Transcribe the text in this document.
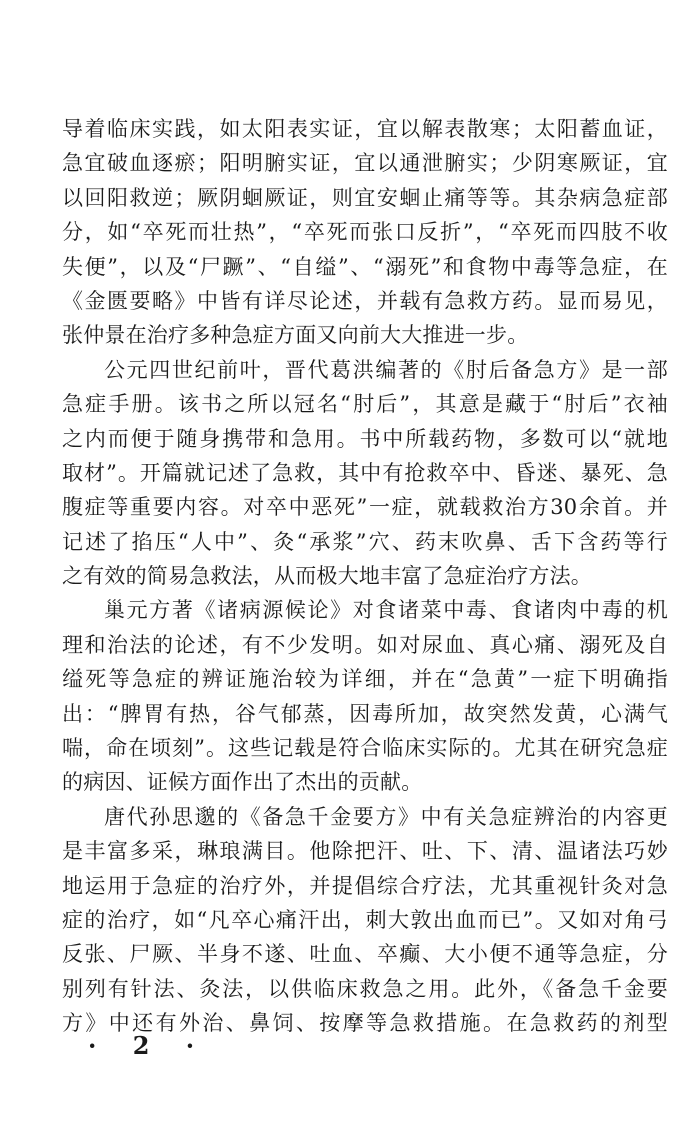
导着临床实践，如太阳表实证，宜以解表散寒；太阳蓄血证，
急宜破血逐瘀；阳明腑实证，宜以通泄腑实；少阴寒厥证，宜
以回阳救逆；厥阴蛔厥证，则宜安蛔止痛等等。其杂病急症部
分，如“卒死而壮热”，“卒死而张口反折”，“卒死而四肢不收
失便”，以及“尸蹶”、“自缢”、“溺死”和食物中毒等急症，在
《金匮要略》中皆有详尽论述，并载有急救方药。显而易见，
张仲景在治疗多种急症方面又向前大大推进一步。
公元四世纪前叶，晋代葛洪编著的《肘后备急方》是一部
急症手册。该书之所以冠名“肘后”，其意是藏于“肘后”衣袖
之内而便于随身携带和急用。书中所载药物，多数可以“就地
取材”。开篇就记述了急救，其中有抢救卒中、昏迷、暴死、急
腹症等重要内容。对卒中恶死”一症，就载救治方30余首。并
记述了掐压“人中”、灸“承浆”穴、药末吹鼻、舌下含药等行
之有效的简易急救法，从而极大地丰富了急症治疗方法。
巢元方著《诸病源候论》对食诸菜中毒、食诸肉中毒的机
理和治法的论述，有不少发明。如对尿血、真心痛、溺死及自
缢死等急症的辨证施治较为详细，并在“急黄”一症下明确指
出：“脾胃有热，谷气郁蒸，因毒所加，故突然发黄，心满气
喘，命在顷刻”。这些记载是符合临床实际的。尤其在研究急症
的病因、证候方面作出了杰出的贡献。
唐代孙思邈的《备急千金要方》中有关急症辨治的内容更
是丰富多采，琳琅满目。他除把汗、吐、下、清、温诸法巧妙
地运用于急症的治疗外，并提倡综合疗法，尤其重视针灸对急
症的治疗，如“凡卒心痛汗出，刺大敦出血而已”。又如对角弓
反张、尸厥、半身不遂、吐血、卒癫、大小便不通等急症，分
别列有针法、灸法，以供临床救急之用。此外，《备急千金要
方》中还有外治、鼻饲、按摩等急救措施。在急救药的剂型
· 2 ·
